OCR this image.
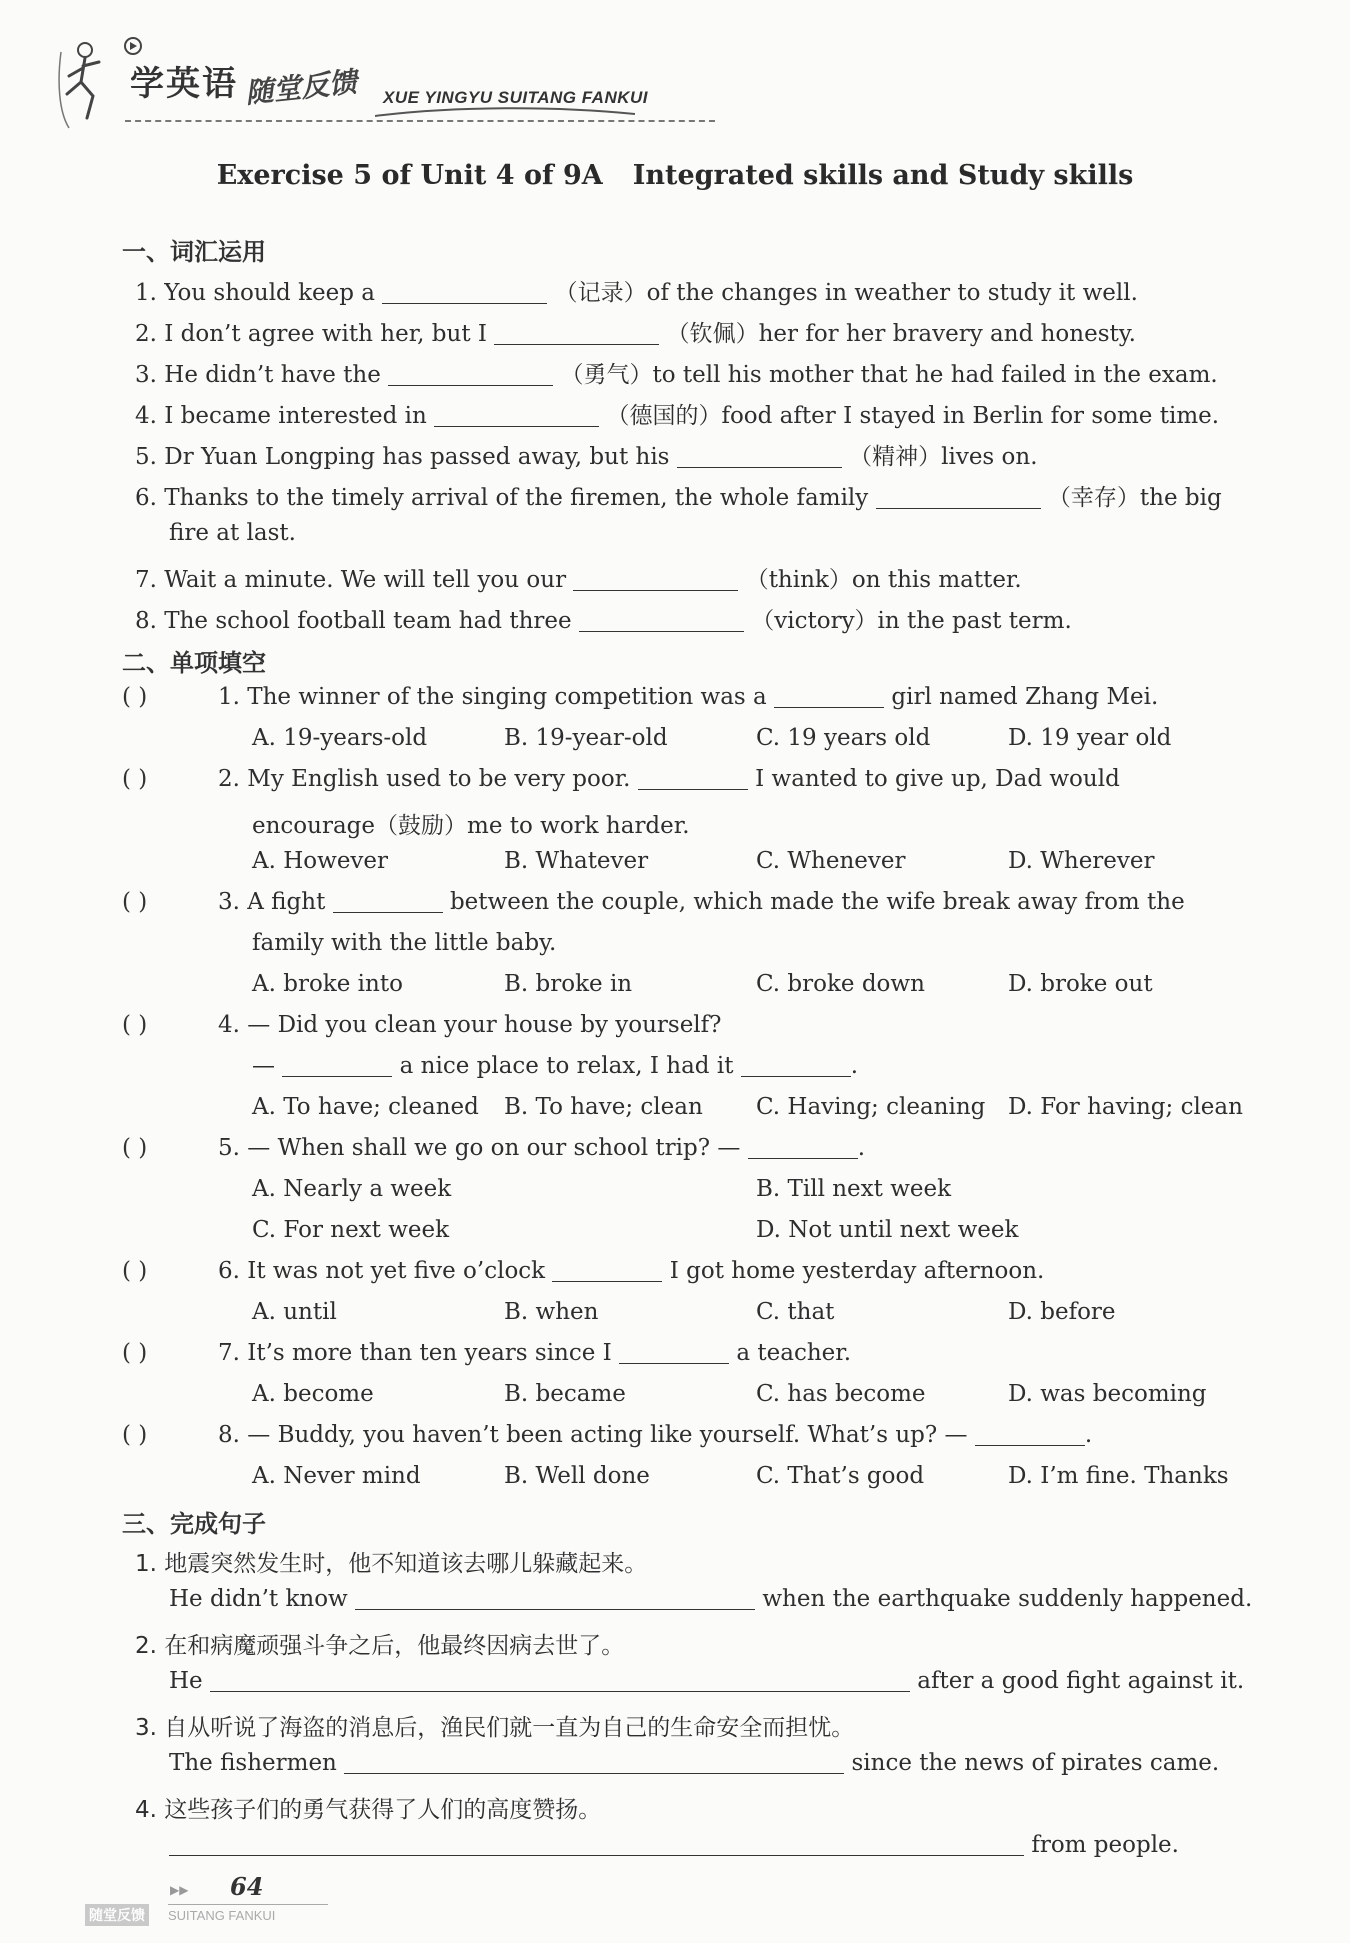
学英语 随堂反馈 XUE YINGYU SUITANG FANKUI
Exercise 5 of Unit 4 of 9A Integrated skills and Study skills
一、词汇运用
1. You should keep a	（记录）of the changes in weather to study it well.
2. I don’t agree with her, but I	（钦佩）her for her bravery and honesty.
3. He didn’t have the	（勇气）to tell his mother that he had failed in the exam.
4. I became interested in	（德国的）food after I stayed in Berlin for some time.
5. Dr Yuan Longping has passed away, but his	（精神）lives on.
6. Thanks to the timely arrival of the firemen, the whole family	（幸存）the big
fire at last.
7. Wait a minute. We will tell you our	（think）on this matter.
8. The school football team had three	（victory）in the past term.
二、单项填空
( )	1. The winner of the singing competition was a	girl named Zhang Mei.
A. 19-years-old	B. 19-year-old	C. 19 years old	D. 19 year old
( )	2. My English used to be very poor.	I wanted to give up, Dad would
encourage（鼓励）me to work harder.
A. However	B. Whatever	C. Whenever	D. Wherever
( )	3. A fight	between the couple, which made the wife break away from the
family with the little baby.
A. broke into	B. broke in	C. broke down	D. broke out
( )	4. — Did you clean your house by yourself?
—	a nice place to relax, I had it	.
A. To have; cleaned B. To have; clean C. Having; cleaning D. For having; clean
( )	5. — When shall we go on our school trip? —	.
A. Nearly a week	B. Till next week
C. For next week	D. Not until next week
( )	6. It was not yet five o’clock	I got home yesterday afternoon.
A. until	B. when	C. that	D. before
( )	7. It’s more than ten years since I	a teacher.
A. become	B. became	C. has become	D. was becoming
( )	8. — Buddy, you haven’t been acting like yourself. What’s up? —	.
A. Never mind	B. Well done	C. That’s good	D. I’m fine. Thanks
三、完成句子
1. 地震突然发生时，他不知道该去哪儿躲藏起来。
He didn’t know	when the earthquake suddenly happened.
2. 在和病魔顽强斗争之后，他最终因病去世了。
He	after a good fight against it.
3. 自从听说了海盗的消息后，渔民们就一直为自己的生命安全而担忧。
The fishermen	since the news of pirates came.
4. 这些孩子们的勇气获得了人们的高度赞扬。
from people.
▶▶ 64
随堂反馈	SUITANG FANKUI
